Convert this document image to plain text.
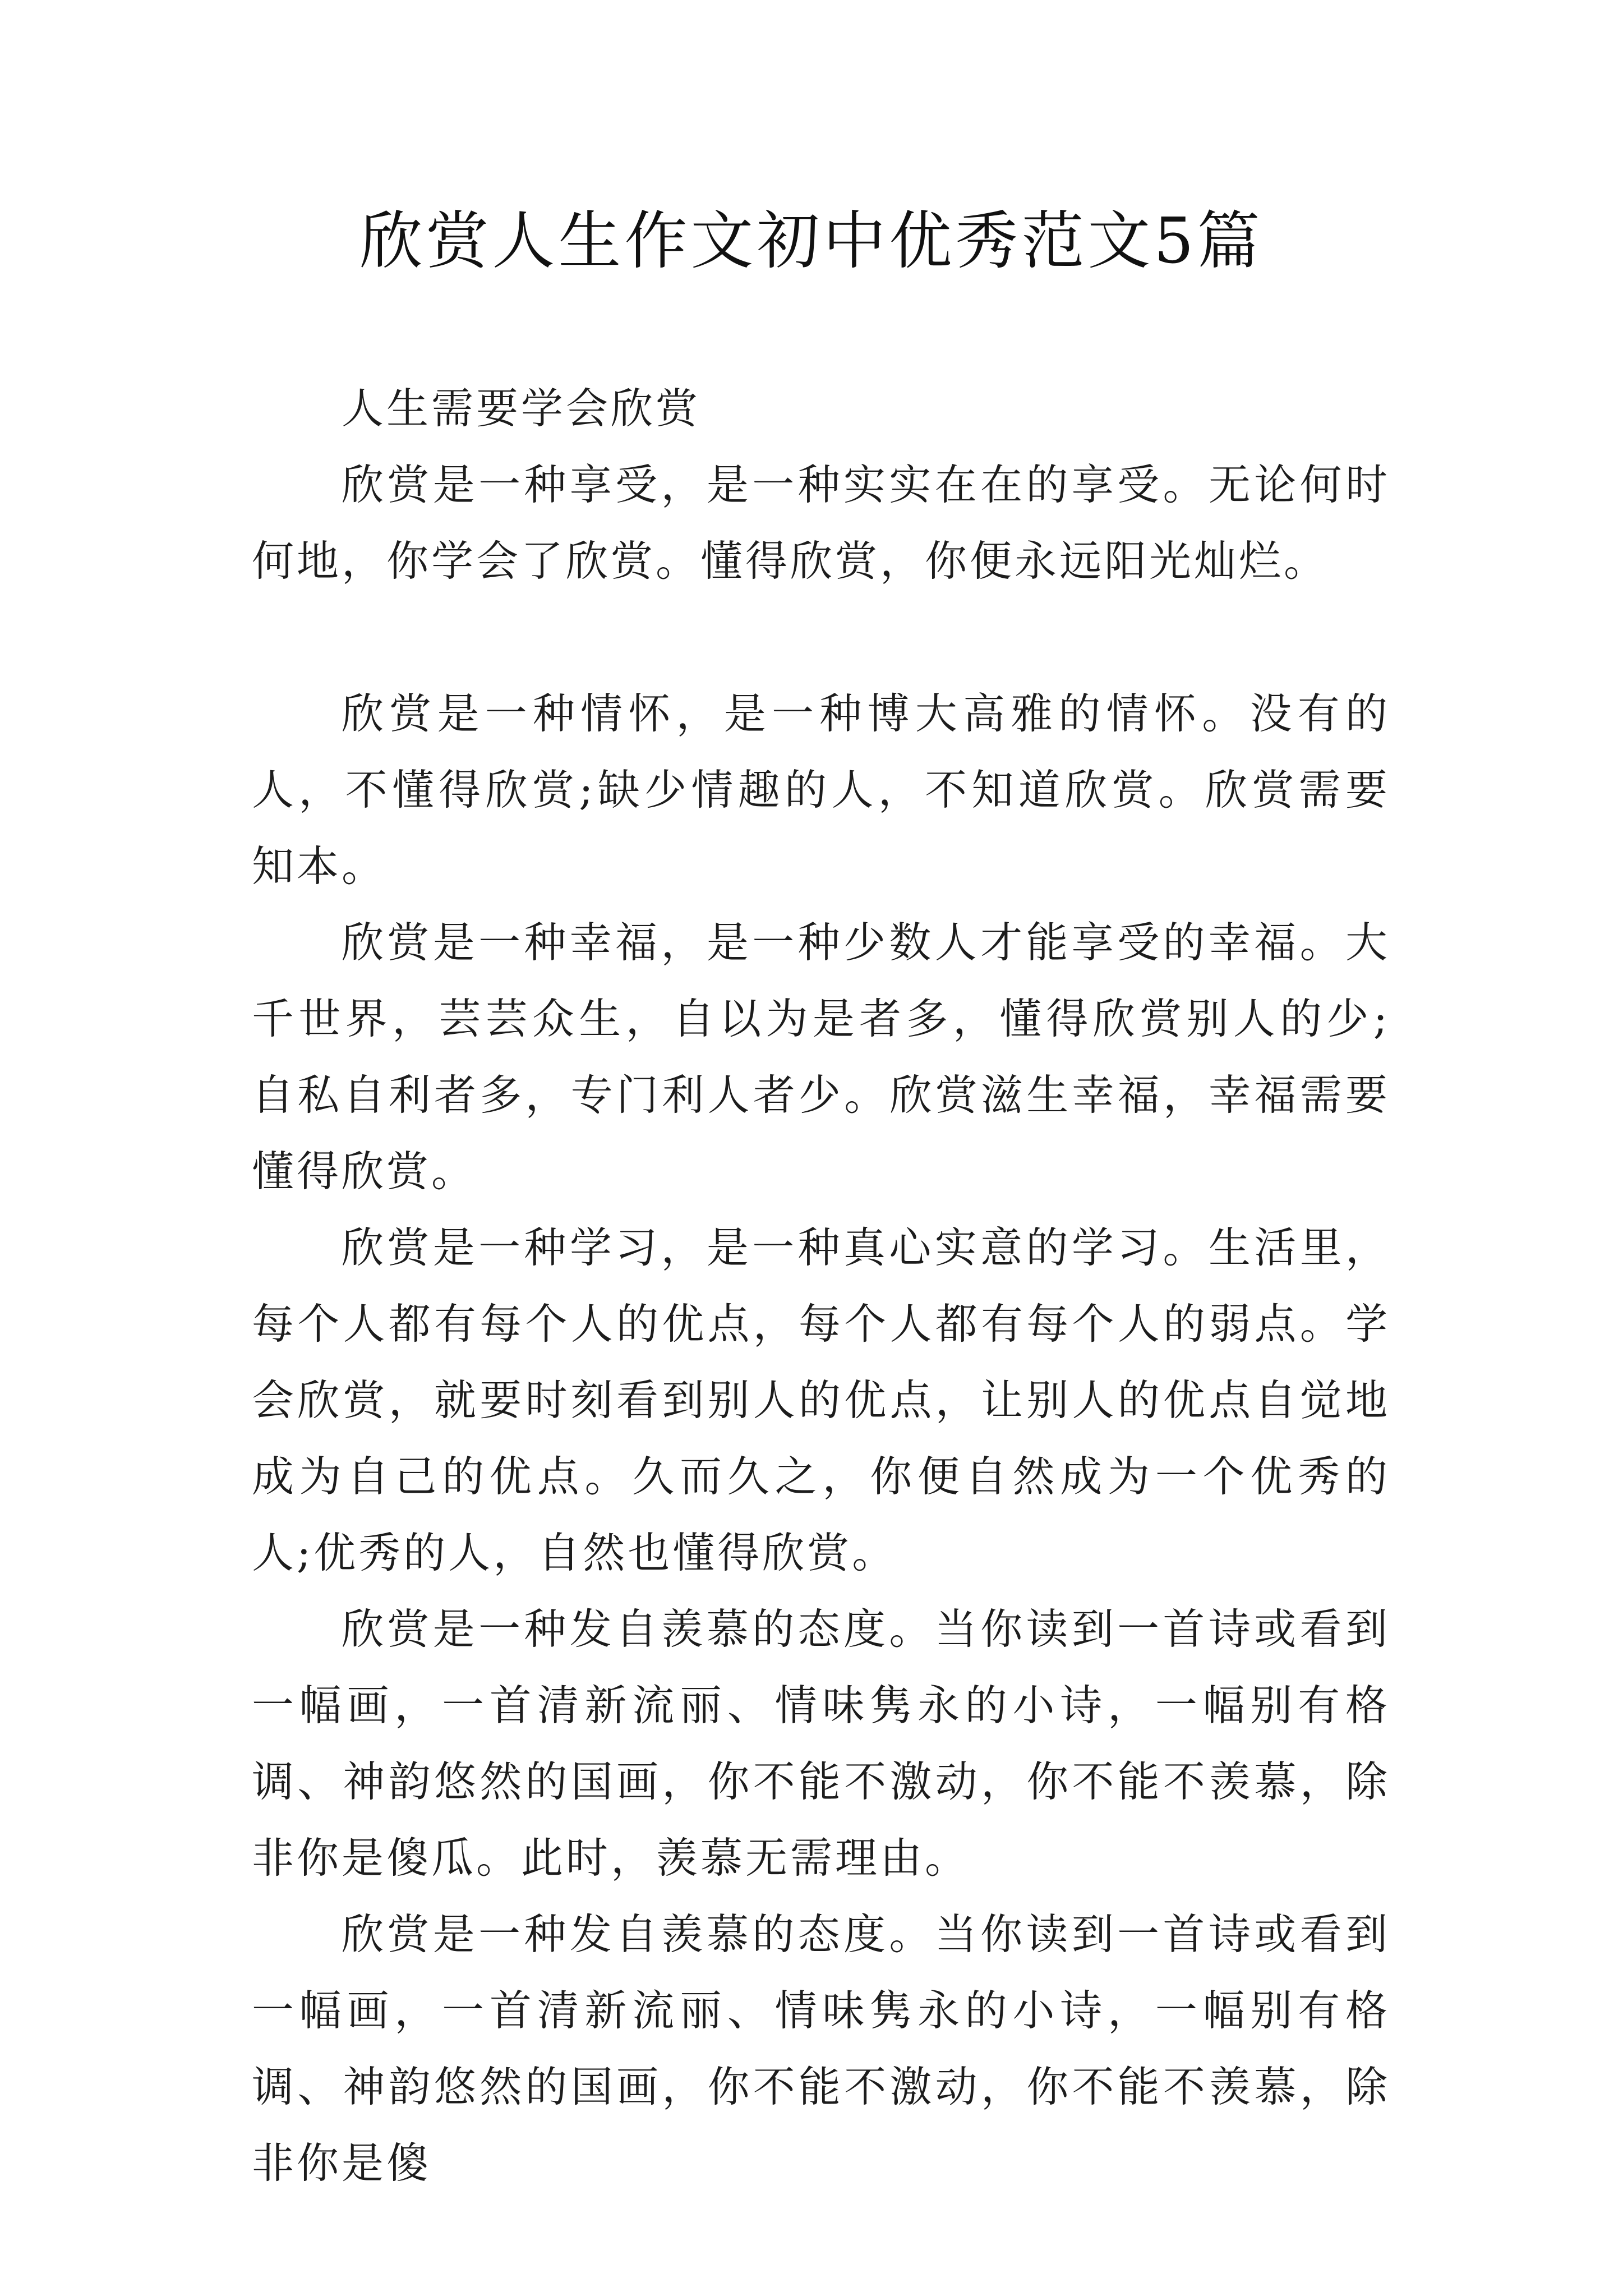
欣赏人生作文初中优秀范文5篇

人生需要学会欣赏

欣赏是一种享受，是一种实实在在的享受。无论何时何地，你学会了欣赏。懂得欣赏，你便永远阳光灿烂。

欣赏是一种情怀，是一种博大高雅的情怀。没有的人，不懂得欣赏;缺少情趣的人，不知道欣赏。欣赏需要知本。

欣赏是一种幸福，是一种少数人才能享受的幸福。大千世界，芸芸众生，自以为是者多，懂得欣赏别人的少;自私自利者多，专门利人者少。欣赏滋生幸福，幸福需要懂得欣赏。

欣赏是一种学习，是一种真心实意的学习。生活里，每个人都有每个人的优点，每个人都有每个人的弱点。学会欣赏，就要时刻看到别人的优点，让别人的优点自觉地成为自己的优点。久而久之，你便自然成为一个优秀的人;优秀的人，自然也懂得欣赏。

欣赏是一种发自羡慕的态度。当你读到一首诗或看到一幅画，一首清新流丽、情味隽永的小诗，一幅别有格调、神韵悠然的国画，你不能不激动，你不能不羡慕，除非你是傻瓜。此时，羡慕无需理由。

欣赏是一种发自羡慕的态度。当你读到一首诗或看到一幅画，一首清新流丽、情味隽永的小诗，一幅别有格调、神韵悠然的国画，你不能不激动，你不能不羡慕，除非你是傻
